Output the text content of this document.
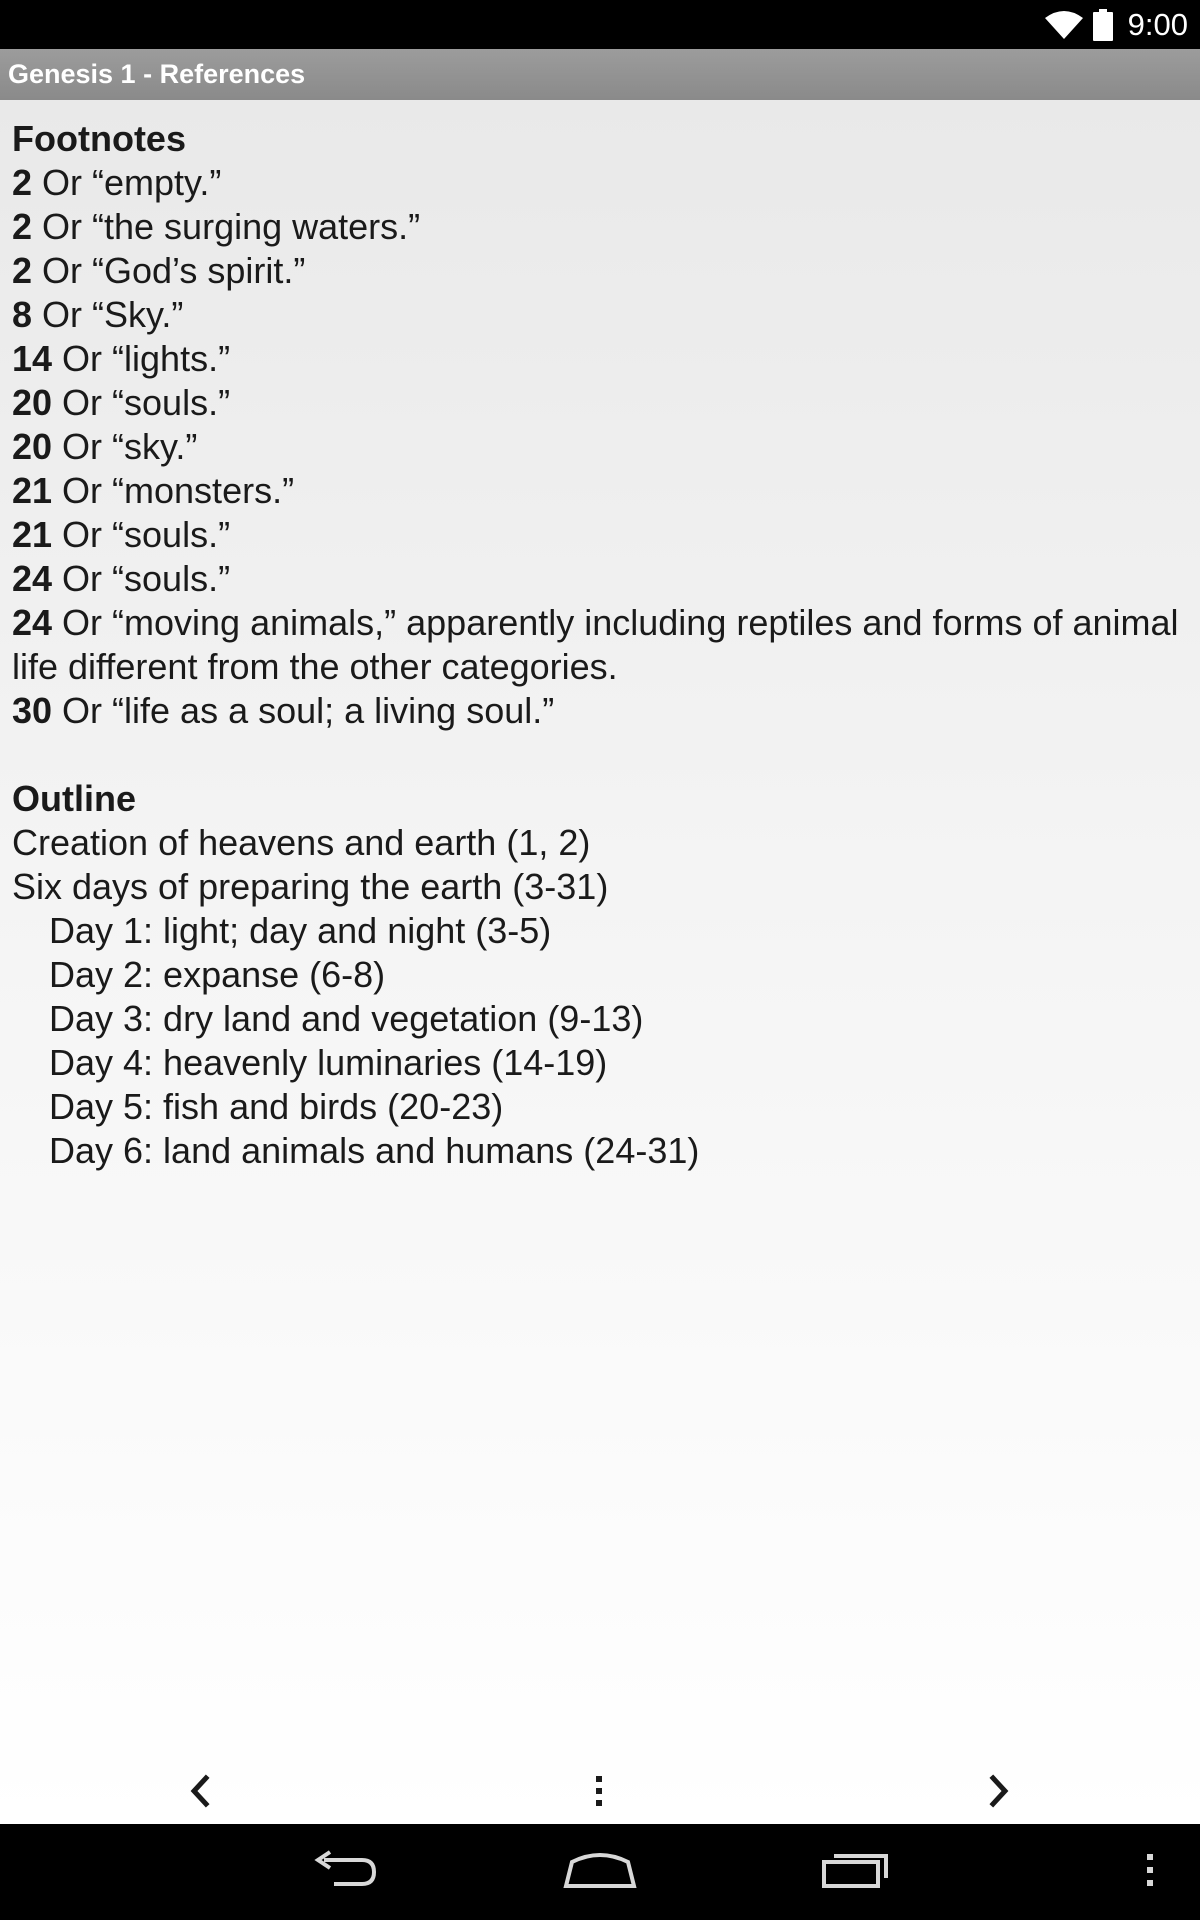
9:00
Genesis 1 - References
Footnotes
2 Or “empty.”
2 Or “the surging waters.”
2 Or “God’s spirit.”
8 Or “Sky.”
14 Or “lights.”
20 Or “souls.”
20 Or “sky.”
21 Or “monsters.”
21 Or “souls.”
24 Or “souls.”
24 Or “moving animals,” apparently including reptiles and forms of animal life different from the other categories.
30 Or “life as a soul; a living soul.”
Outline
Creation of heavens and earth (1, 2)
Six days of preparing the earth (3-31)
Day 1: light; day and night (3-5)
Day 2: expanse (6-8)
Day 3: dry land and vegetation (9-13)
Day 4: heavenly luminaries (14-19)
Day 5: fish and birds (20-23)
Day 6: land animals and humans (24-31)
